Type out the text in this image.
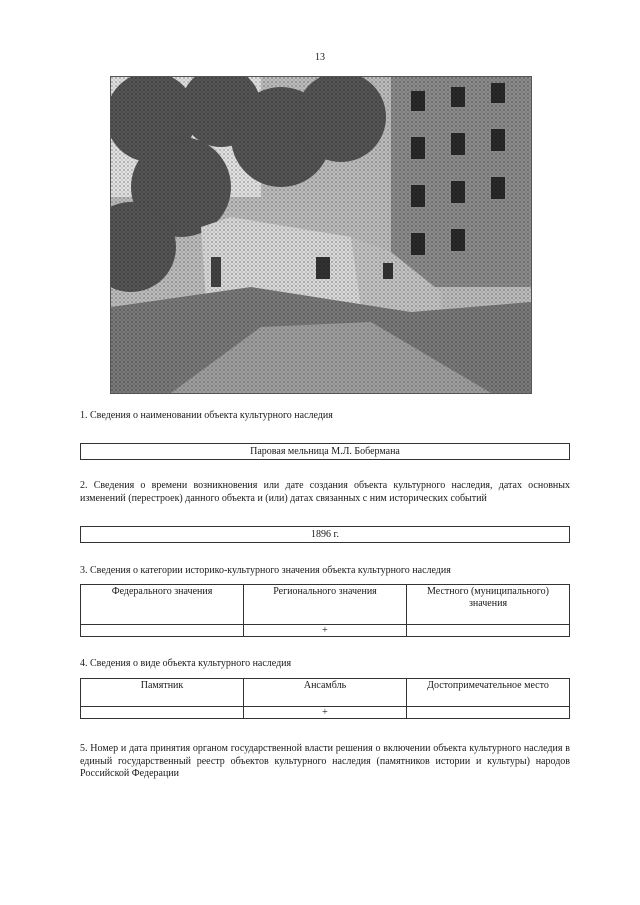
13
1. Сведения о наименовании объекта культурного наследия
Паровая мельница М.Л. Бобермана
2. Сведения о времени возникновения или дате создания объекта культурного наследия, датах основных изменений (перестроек) данного объекта и (или) датах связанных с ним исторических событий
1896 г.
3. Сведения о категории историко-культурного значения объекта культурного наследия
Федерального значения	Регионального значения	Местного (муниципального) значения
	+	
4. Сведения о виде объекта культурного наследия
Памятник	Ансамбль	Достопримечательное место
	+	
5. Номер и дата принятия органом государственной власти решения о включении объекта культурного наследия в единый государственный реестр объектов культурного наследия (памятников истории и культуры) народов Российской Федерации
